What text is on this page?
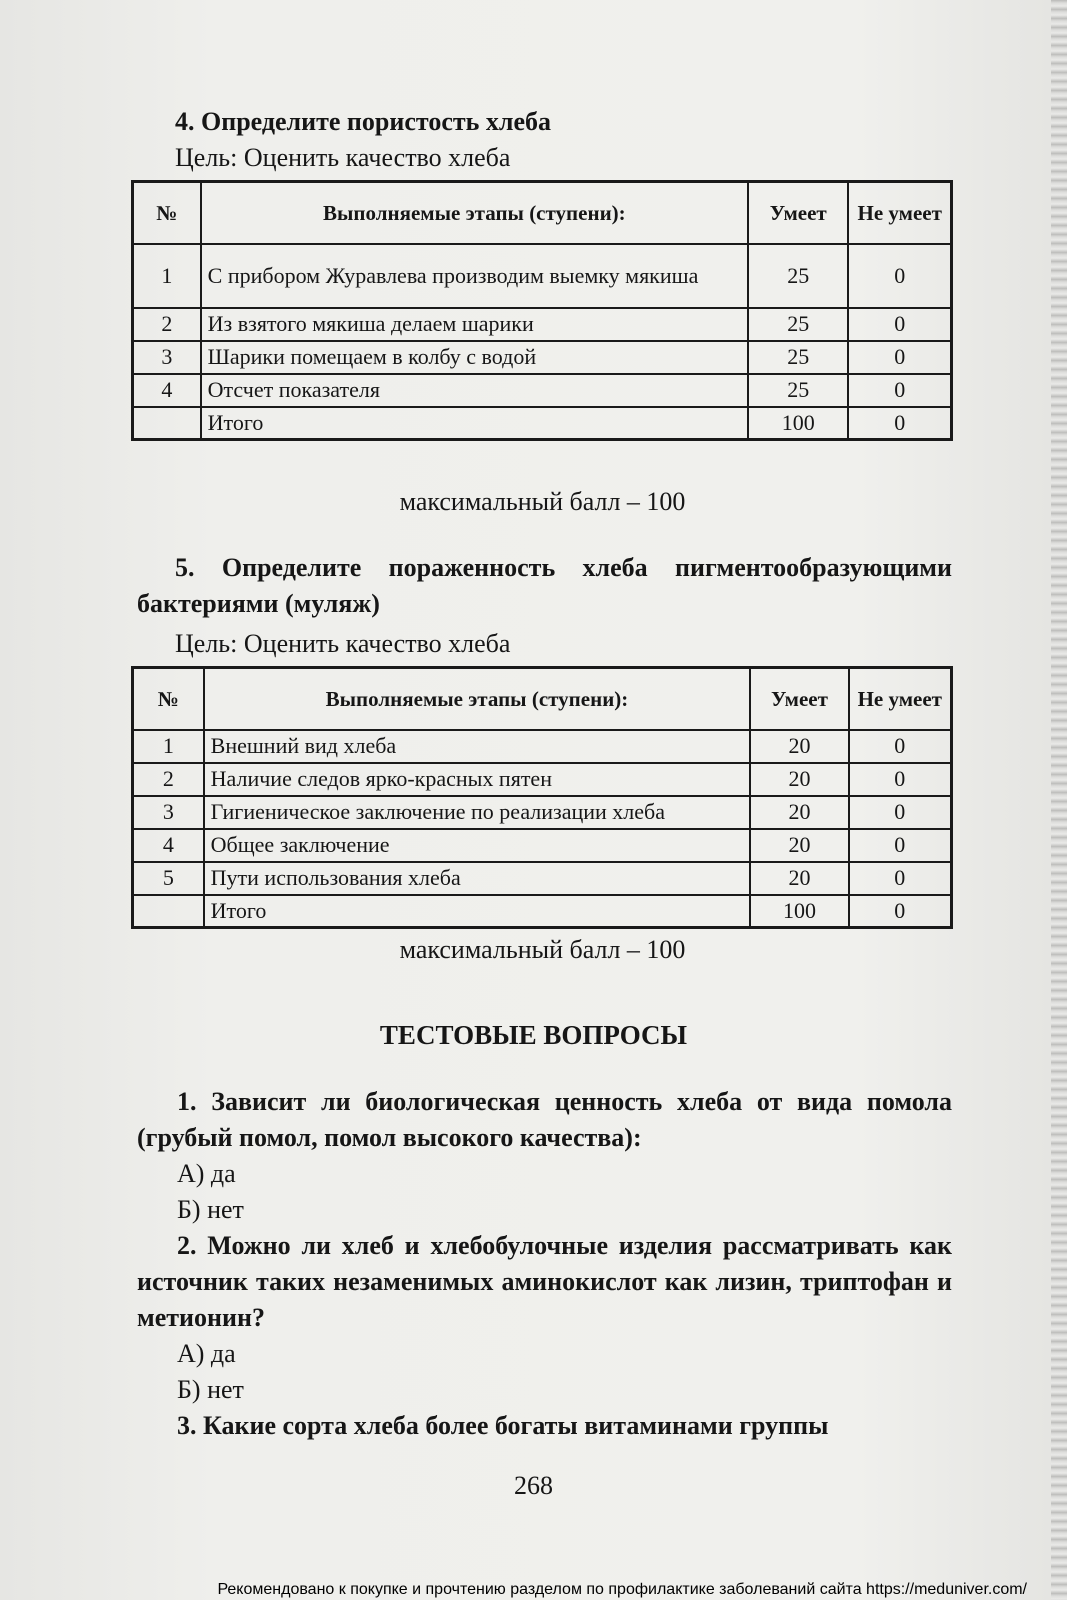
4. Определите пористость хлеба
Цель: Оценить качество хлеба
№	Выполняемые этапы (ступени):	Умеет	Не умеет
1	С прибором Журавлева производим выемку мякиша	25	0
2	Из взятого мякиша делаем шарики	25	0
3	Шарики помещаем в колбу с водой	25	0
4	Отсчет показателя	25	0
	Итого	100	0
максимальный балл – 100
5. Определите пораженность хлеба пигментообразующими бактериями (муляж)
Цель: Оценить качество хлеба
№	Выполняемые этапы (ступени):	Умеет	Не умеет
1	Внешний вид хлеба	20	0
2	Наличие следов ярко-красных пятен	20	0
3	Гигиеническое заключение по реализации хлеба	20	0
4	Общее заключение	20	0
5	Пути использования хлеба	20	0
	Итого	100	0
максимальный балл – 100
ТЕСТОВЫЕ ВОПРОСЫ
1. Зависит ли биологическая ценность хлеба от вида помола (грубый помол, помол высокого качества):
А) да
Б) нет
2. Можно ли хлеб и хлебобулочные изделия рассматривать как источник таких незаменимых аминокислот как лизин, триптофан и метионин?
А) да
Б) нет
3. Какие сорта хлеба более богаты витаминами группы
268
Рекомендовано к покупке и прочтению разделом по профилактике заболеваний сайта https://meduniver.com/
